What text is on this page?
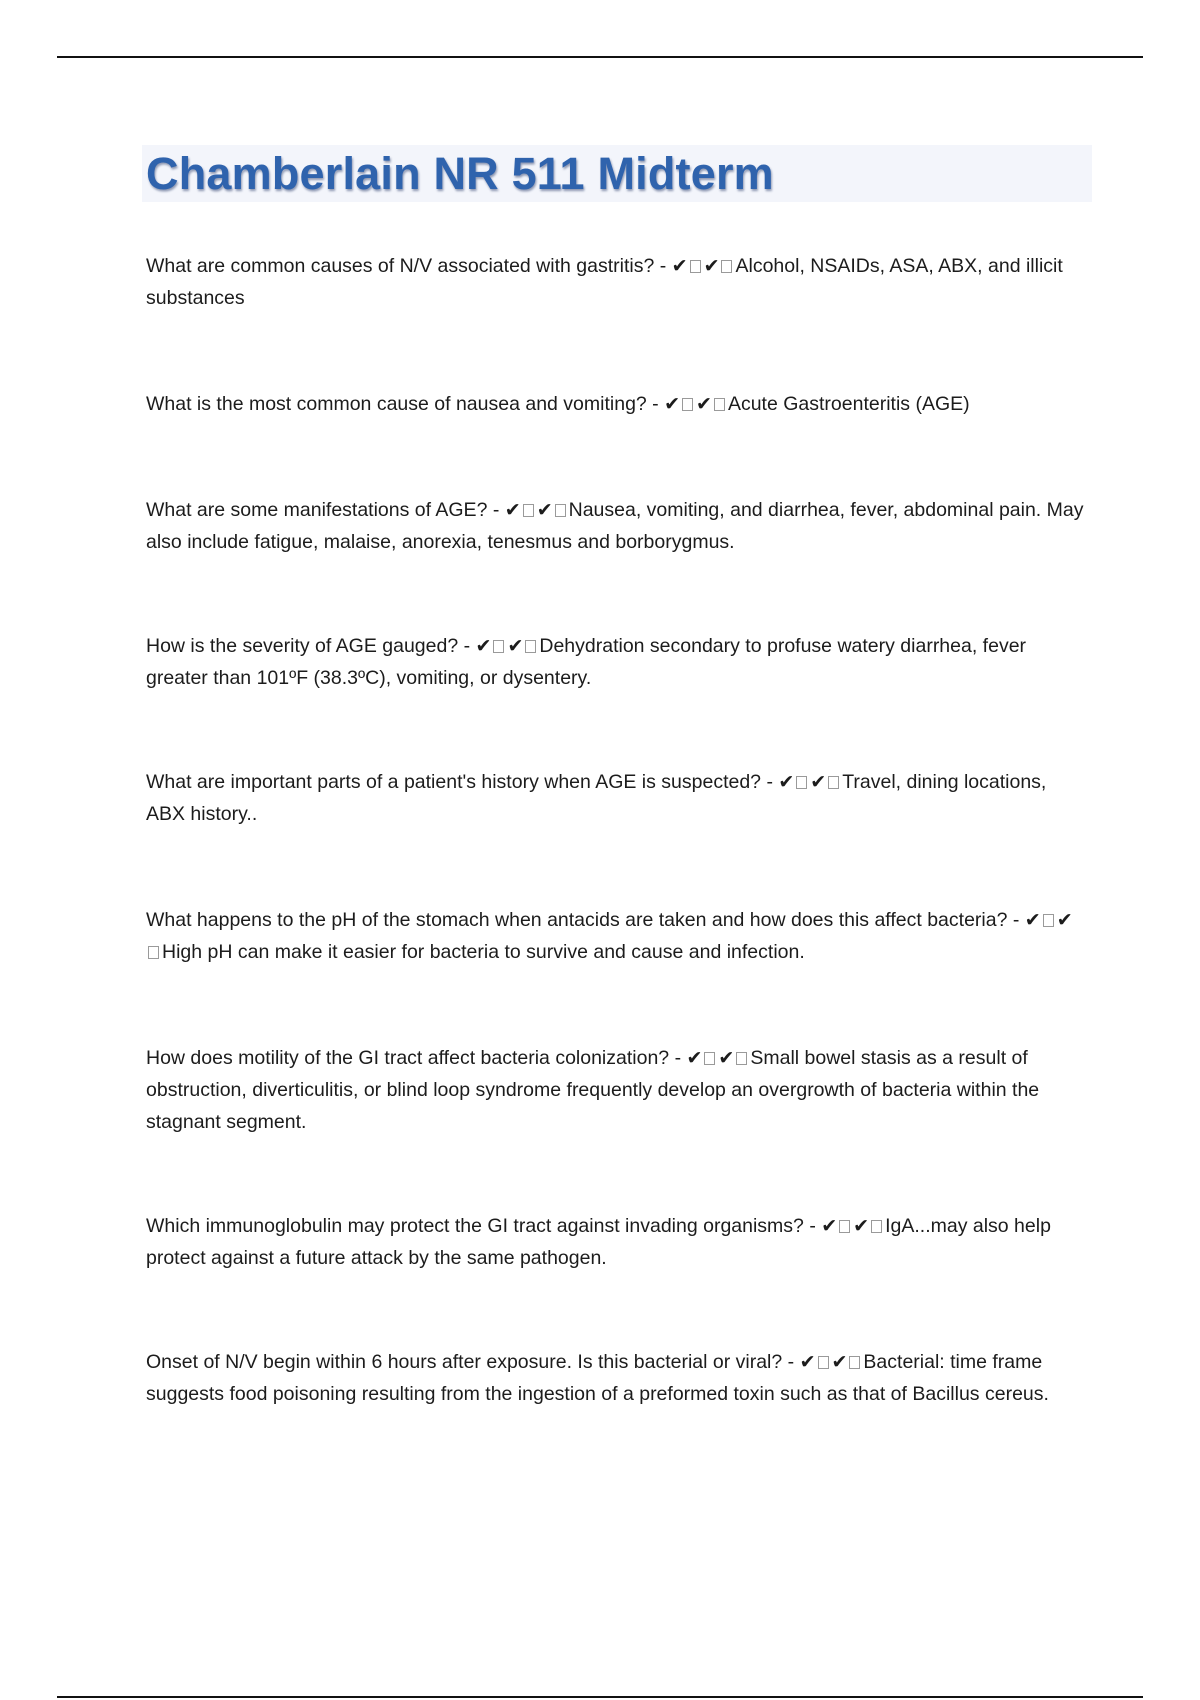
Chamberlain NR 511 Midterm

What are common causes of N/V associated with gastritis? - ✔ ✔ Alcohol, NSAIDs, ASA, ABX, and illicit substances

What is the most common cause of nausea and vomiting? - ✔ ✔ Acute Gastroenteritis (AGE)

What are some manifestations of AGE? - ✔ ✔ Nausea, vomiting, and diarrhea, fever, abdominal pain. May also include fatigue, malaise, anorexia, tenesmus and borborygmus.

How is the severity of AGE gauged? - ✔ ✔ Dehydration secondary to profuse watery diarrhea, fever greater than 101ºF (38.3ºC), vomiting, or dysentery.

What are important parts of a patient's history when AGE is suspected? - ✔ ✔ Travel, dining locations, ABX history..

What happens to the pH of the stomach when antacids are taken and how does this affect bacteria? - ✔ ✔High pH can make it easier for bacteria to survive and cause and infection.

How does motility of the GI tract affect bacteria colonization? - ✔ ✔ Small bowel stasis as a result of obstruction, diverticulitis, or blind loop syndrome frequently develop an overgrowth of bacteria within the stagnant segment.

Which immunoglobulin may protect the GI tract against invading organisms? - ✔ ✔ IgA...may also help protect against a future attack by the same pathogen.

Onset of N/V begin within 6 hours after exposure. Is this bacterial or viral? - ✔ ✔ Bacterial: time frame suggests food poisoning resulting from the ingestion of a preformed toxin such as that of Bacillus cereus.
